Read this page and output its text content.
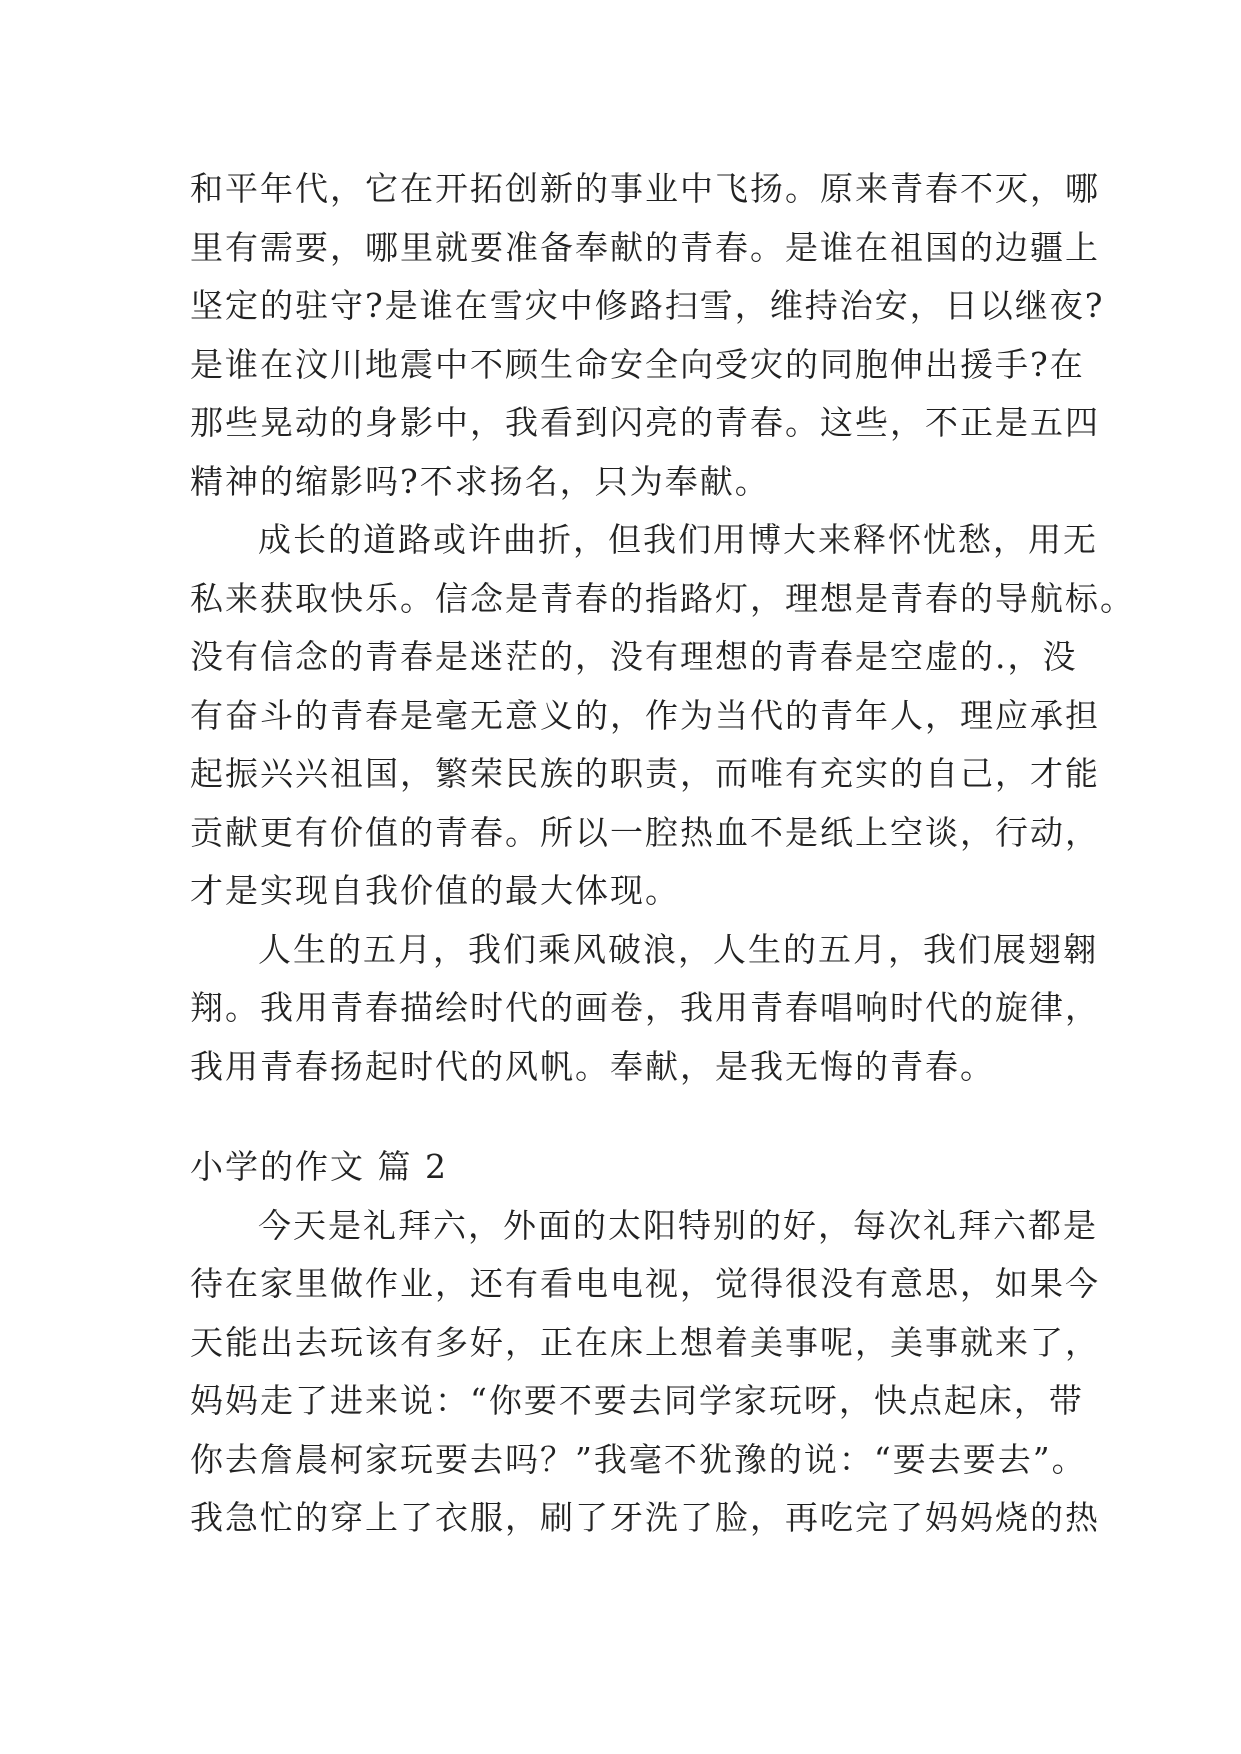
和平年代，它在开拓创新的事业中飞扬。原来青春不灭，哪
里有需要，哪里就要准备奉献的青春。是谁在祖国的边疆上
坚定的驻守?是谁在雪灾中修路扫雪，维持治安，日以继夜?
是谁在汶川地震中不顾生命安全向受灾的同胞伸出援手?在
那些晃动的身影中，我看到闪亮的青春。这些，不正是五四
精神的缩影吗?不求扬名，只为奉献。
成长的道路或许曲折，但我们用博大来释怀忧愁，用无
私来获取快乐。信念是青春的指路灯，理想是青春的导航标。
没有信念的青春是迷茫的，没有理想的青春是空虚的.，没
有奋斗的青春是毫无意义的，作为当代的青年人，理应承担
起振兴兴祖国，繁荣民族的职责，而唯有充实的自己，才能
贡献更有价值的青春。所以一腔热血不是纸上空谈，行动，
才是实现自我价值的最大体现。
人生的五月，我们乘风破浪，人生的五月，我们展翅翱
翔。我用青春描绘时代的画卷，我用青春唱响时代的旋律，
我用青春扬起时代的风帆。奉献，是我无悔的青春。
小学的作文 篇 2
今天是礼拜六，外面的太阳特别的好，每次礼拜六都是
待在家里做作业，还有看电电视，觉得很没有意思，如果今
天能出去玩该有多好，正在床上想着美事呢，美事就来了，
妈妈走了进来说：“你要不要去同学家玩呀，快点起床，带
你去詹晨柯家玩要去吗？”我毫不犹豫的说：“要去要去”。
我急忙的穿上了衣服，刷了牙洗了脸，再吃完了妈妈烧的热
